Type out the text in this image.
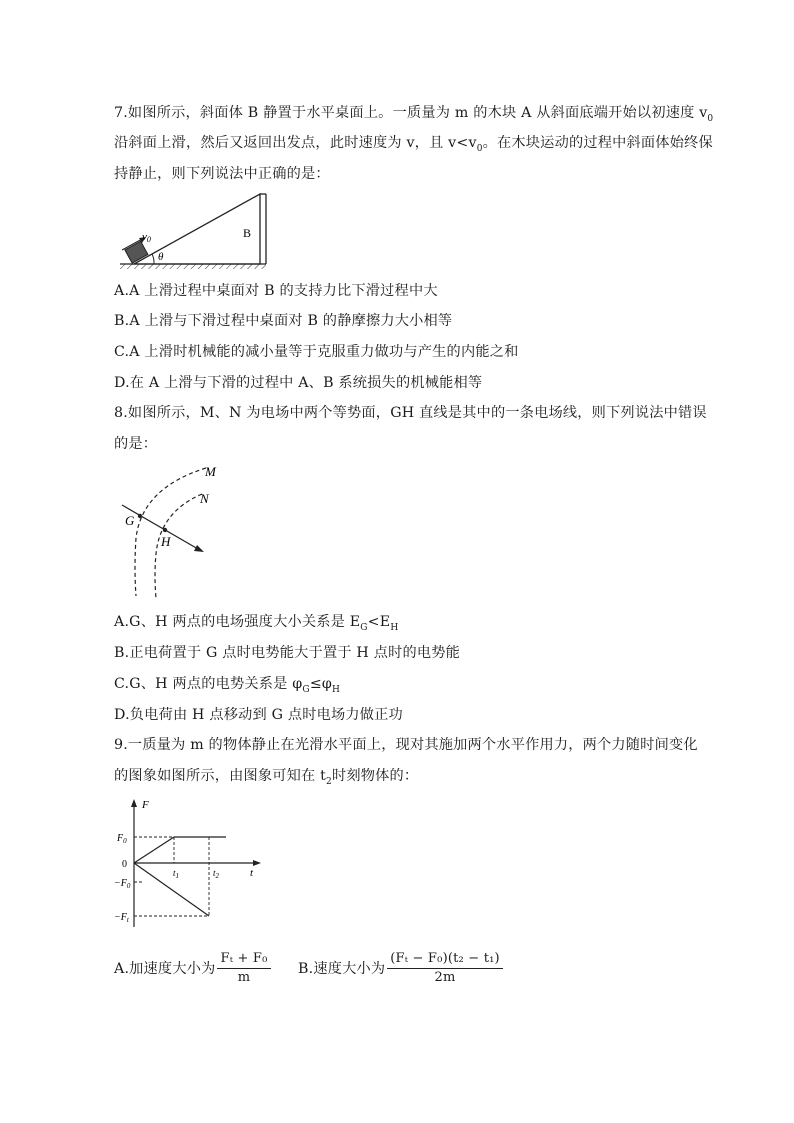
7.如图所示，斜面体 B 静置于水平桌面上。一质量为 m 的木块 A 从斜面底端开始以初速度 $v_0$
沿斜面上滑，然后又返回出发点，此时速度为 v，且 $v<v_0$。在木块运动的过程中斜面体始终保
持静止，则下列说法中正确的是：
v0
θ
B
A.A 上滑过程中桌面对 B 的支持力比下滑过程中大
B.A 上滑与下滑过程中桌面对 B 的静摩擦力大小相等
C.A 上滑时机械能的减小量等于克服重力做功与产生的内能之和
D.在 A 上滑与下滑的过程中 A、B 系统损失的机械能相等
8.如图所示，M、N 为电场中两个等势面，GH 直线是其中的一条电场线，则下列说法中错误
的是：
M
N
G
H
A.G、H 两点的电场强度大小关系是 $E_G<E_H$
B.正电荷置于 G 点时电势能大于置于 H 点时的电势能
C.G、H 两点的电势关系是 $\varphi_G\le\varphi_H$
D.负电荷由 H 点移动到 G 点时电场力做正功
9.一质量为 m 的物体静止在光滑水平面上，现对其施加两个水平作用力，两个力随时间变化
的图象如图所示，由图象可知在 $t_2$时刻物体的：
F
t
$F_0$
0
$-F_0$
$-F_t$
$t_1$	$t_2$
A.加速度大小为 $\frac{\text{Fₜ + F₀}}{m} B$.速度大小为 $\frac{\text{(Fₜ − F₀)(t₂ − t₁)}}{2m}$
